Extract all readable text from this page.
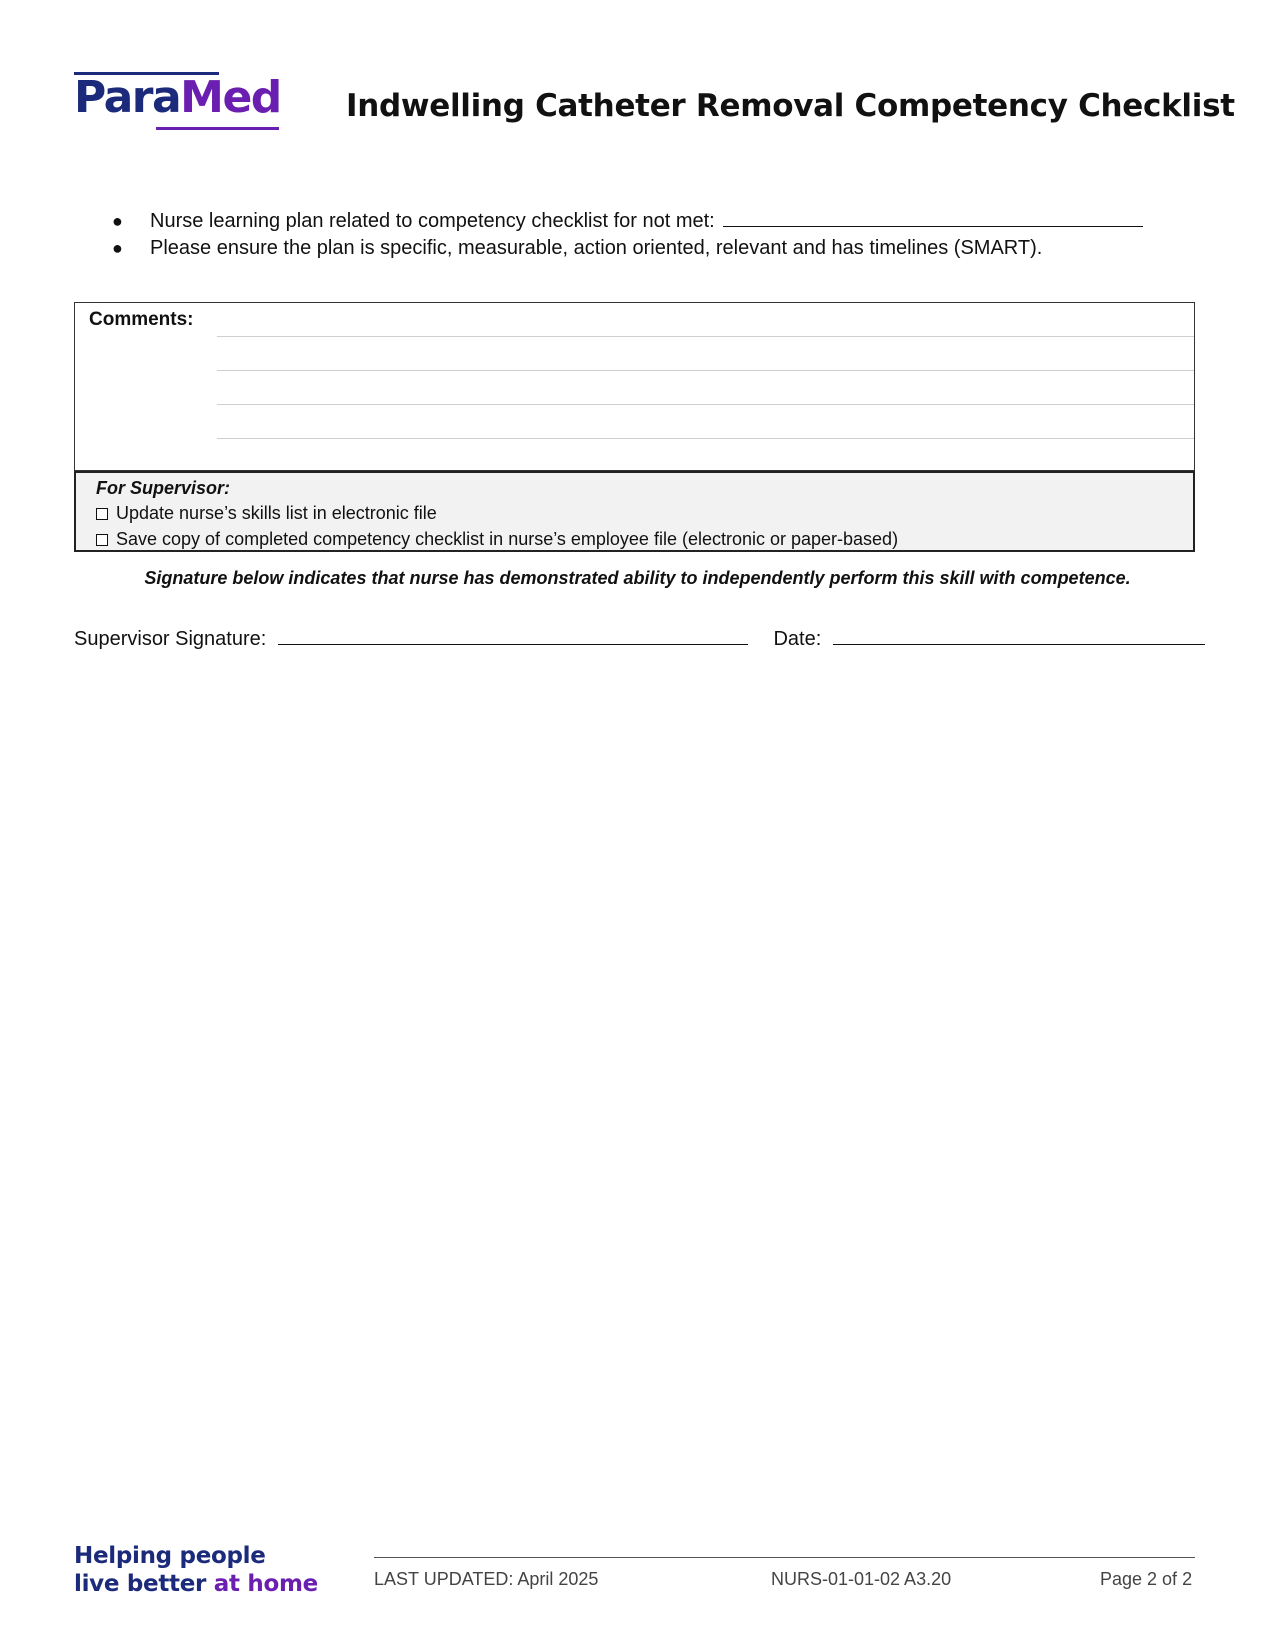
ParaMed Indwelling Catheter Removal Competency Checklist
●	Nurse learning plan related to competency checklist for not met:
●	Please ensure the plan is specific, measurable, action oriented, relevant and has timelines (SMART).
Comments:
For Supervisor:
Update nurse’s skills list in electronic file
Save copy of completed competency checklist in nurse’s employee file (electronic or paper-based)
Signature below indicates that nurse has demonstrated ability to independently perform this skill with competence.
Supervisor Signature:	Date:
Helping people
live better at home	LAST UPDATED: April 2025	NURS-01-01-02 A3.20	Page 2 of 2
